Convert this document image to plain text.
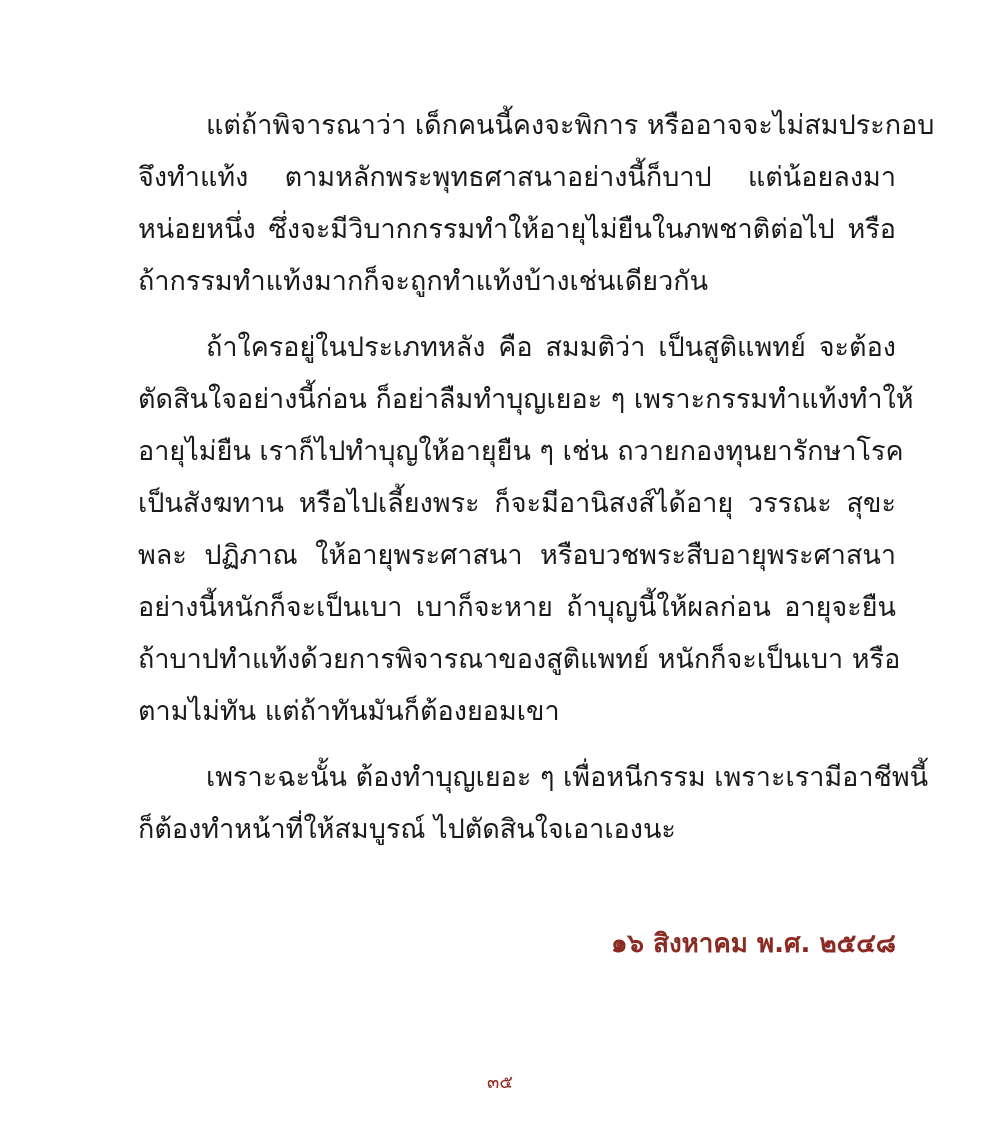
แต่ถ้าพิจารณาว่า เด็กคนนี้คงจะพิการ หรืออาจจะไม่สมประกอบ
จึงทำแท้ง ตามหลักพระพุทธศาสนาอย่างนี้ก็บาป แต่น้อยลงมา
หน่อยหนึ่ง ซึ่งจะมีวิบากกรรมทำให้อายุไม่ยืนในภพชาติต่อไป หรือ
ถ้ากรรมทำแท้งมากก็จะถูกทำแท้งบ้างเช่นเดียวกัน
ถ้าใครอยู่ในประเภทหลัง คือ สมมติว่า เป็นสูติแพทย์ จะต้อง
ตัดสินใจอย่างนี้ก่อน ก็อย่าลืมทำบุญเยอะ ๆ เพราะกรรมทำแท้งทำให้
อายุไม่ยืน เราก็ไปทำบุญให้อายุยืน ๆ เช่น ถวายกองทุนยารักษาโรค
เป็นสังฆทาน หรือไปเลี้ยงพระ ก็จะมีอานิสงส์ได้อายุ วรรณะ สุขะ
พละ ปฏิภาณ ให้อายุพระศาสนา หรือบวชพระสืบอายุพระศาสนา
อย่างนี้หนักก็จะเป็นเบา เบาก็จะหาย ถ้าบุญนี้ให้ผลก่อน อายุจะยืน
ถ้าบาปทำแท้งด้วยการพิจารณาของสูติแพทย์ หนักก็จะเป็นเบา หรือ
ตามไม่ทัน แต่ถ้าทันมันก็ต้องยอมเขา
เพราะฉะนั้น ต้องทำบุญเยอะ ๆ เพื่อหนีกรรม เพราะเรามีอาชีพนี้
ก็ต้องทำหน้าที่ให้สมบูรณ์ ไปตัดสินใจเอาเองนะ
๑๖ สิงหาคม พ.ศ. ๒๕๔๘
๓๕
